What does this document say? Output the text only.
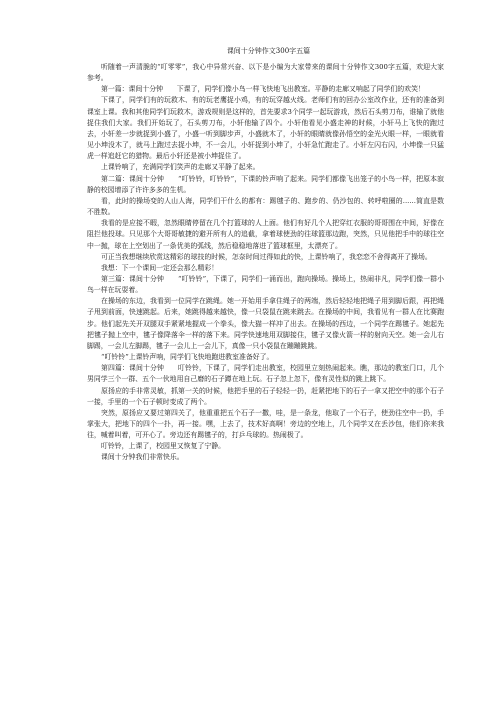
课间十分钟作文300字五篇

听随着一声清脆的“叮零零”，我心中异常兴奋、以下是小编为大家带来的课间十分钟作文300字五篇，欢迎大家参考。

第一篇：课间十分钟　　下课了，同学们像小鸟一样飞快地飞出教室。平静的走廊又响起了同学们的欢笑！

下课了，同学们有的玩救木、有的玩老鹰捉小鸡，有的玩穿越火线。老师们有的回办公室改作业，还有的准备到课室上课。我和其他同学们玩救木，游戏规则是这样的，首先要求3个同学一起玩游戏，然后石头剪刀布，谁输了就他捉住我们大家。我们开始玩了，石头剪刀布，小轩他输了四个。小轩他看见小盛走神的时候，小轩马上飞快的跑过去，小轩差一步就捉到小盛了，小盛一听到脚步声，小盛就木了，小轩的眼睛就像孙悟空的金光火眼一样，一眼就看见小坤没木了，就马上跑过去捉小坤，不一会儿，小轩捉到小坤了，小轩急忙跑走了。小轩左闪右闪，小坤像一只猛虎一样追赶它的猎物。最后小轩还是被小坤捉住了。

上课铃响了，充满同学们笑声的走廊又平静了起来。

第二篇：课间十分钟　　“叮铃铃，叮铃铃”，下课的铃声响了起来。同学们都像飞出笼子的小鸟一样，把原本寂静的校园增添了许许多多的生机。

看，此时的操场变的人山人海，同学们干什么的都有：踢毽子的、跑步的、仍沙包的、转呼啦圈的......简直是数不胜数。

我看的是应接不暇，忽然眼睛停留在几个打篮球的人上面。他们有好几个人把穿红衣服的哥哥围在中间，好像在阻拦他投球。只见那个大哥哥敏捷的避开所有人的追截，拿着球使劲的往球篮那边跑，突然，只见他把手中的球往空中一抛，球在上空划出了一条优美的弧线，然后稳稳地落进了篮球框里，太漂亮了。

可正当我想继续欣赏这精彩的球技的时候，怎奈时间过得如此的快，上课铃响了，我恋恋不舍得离开了操场。

我想：下一个课间一定还会那么精彩！

第三篇：课间十分钟　　“叮铃铃”，下课了，同学们一涌而出，跑向操场。操场上，热闹非凡，同学们像一群小鸟一样在玩耍着。

在操场的东边，我看到一位同学在跳绳。她一开始用手拿住绳子的两端，然后轻轻地把绳子用到脚后跟，再把绳子甩到前面，快速跳起。后来，她跳得越来越快，像一只袋鼠在跳来跳去。在操场的中间，我看见有一群人在比赛跑步。他们起先关开双腿双手紧紧地握成一个拳头，像大猫一样冲了出去。在操场的西边，一个同学在踢毽子。她起先把毽子抛上空中，毽子像降落伞一样的落下来。同学快速地用双脚接住，毽子又像火箭一样的射向天空。她一会儿右脚踢，一会儿左脚踢，毽子一会儿上一会儿下，真像一只小袋鼠在蹦蹦跳跳。

“叮铃铃”上课铃声响，同学们飞快地跑进教室准备好了。

第四篇：课间十分钟　　叮铃铃，下课了，同学们走出教室，校园里立刻热闹起来。瞧，那边的教室门口，几个男同学三个一群、五个一伙地用自己磨的石子蹲在地上玩。石子忽上忽下，像有灵性似的跳上跳下。

原扬应的手非常灵敏，抓第一关的时候，他把手里的石子轻轻一扔，赶紧把地下的石子一拿又把空中的那个石子一接，手里的一个石子顿时变成了两个。

突然，原扬应又要过第四关了，他重重把五个石子一撒，哇，是一条龙，他取了一个石子，使劲往空中一扔，手掌张大，把地下的四个一扑，再一接。嘿，上去了，技术好高啊！旁边的空地上，几个同学又在丢沙包，他们你来我往，喊着叫着，可开心了。旁边还有踢毽子的，打乒乓球的。热闹极了。

叮铃铃，上课了，校园里又恢复了宁静。

课间十分钟我们非常快乐。
